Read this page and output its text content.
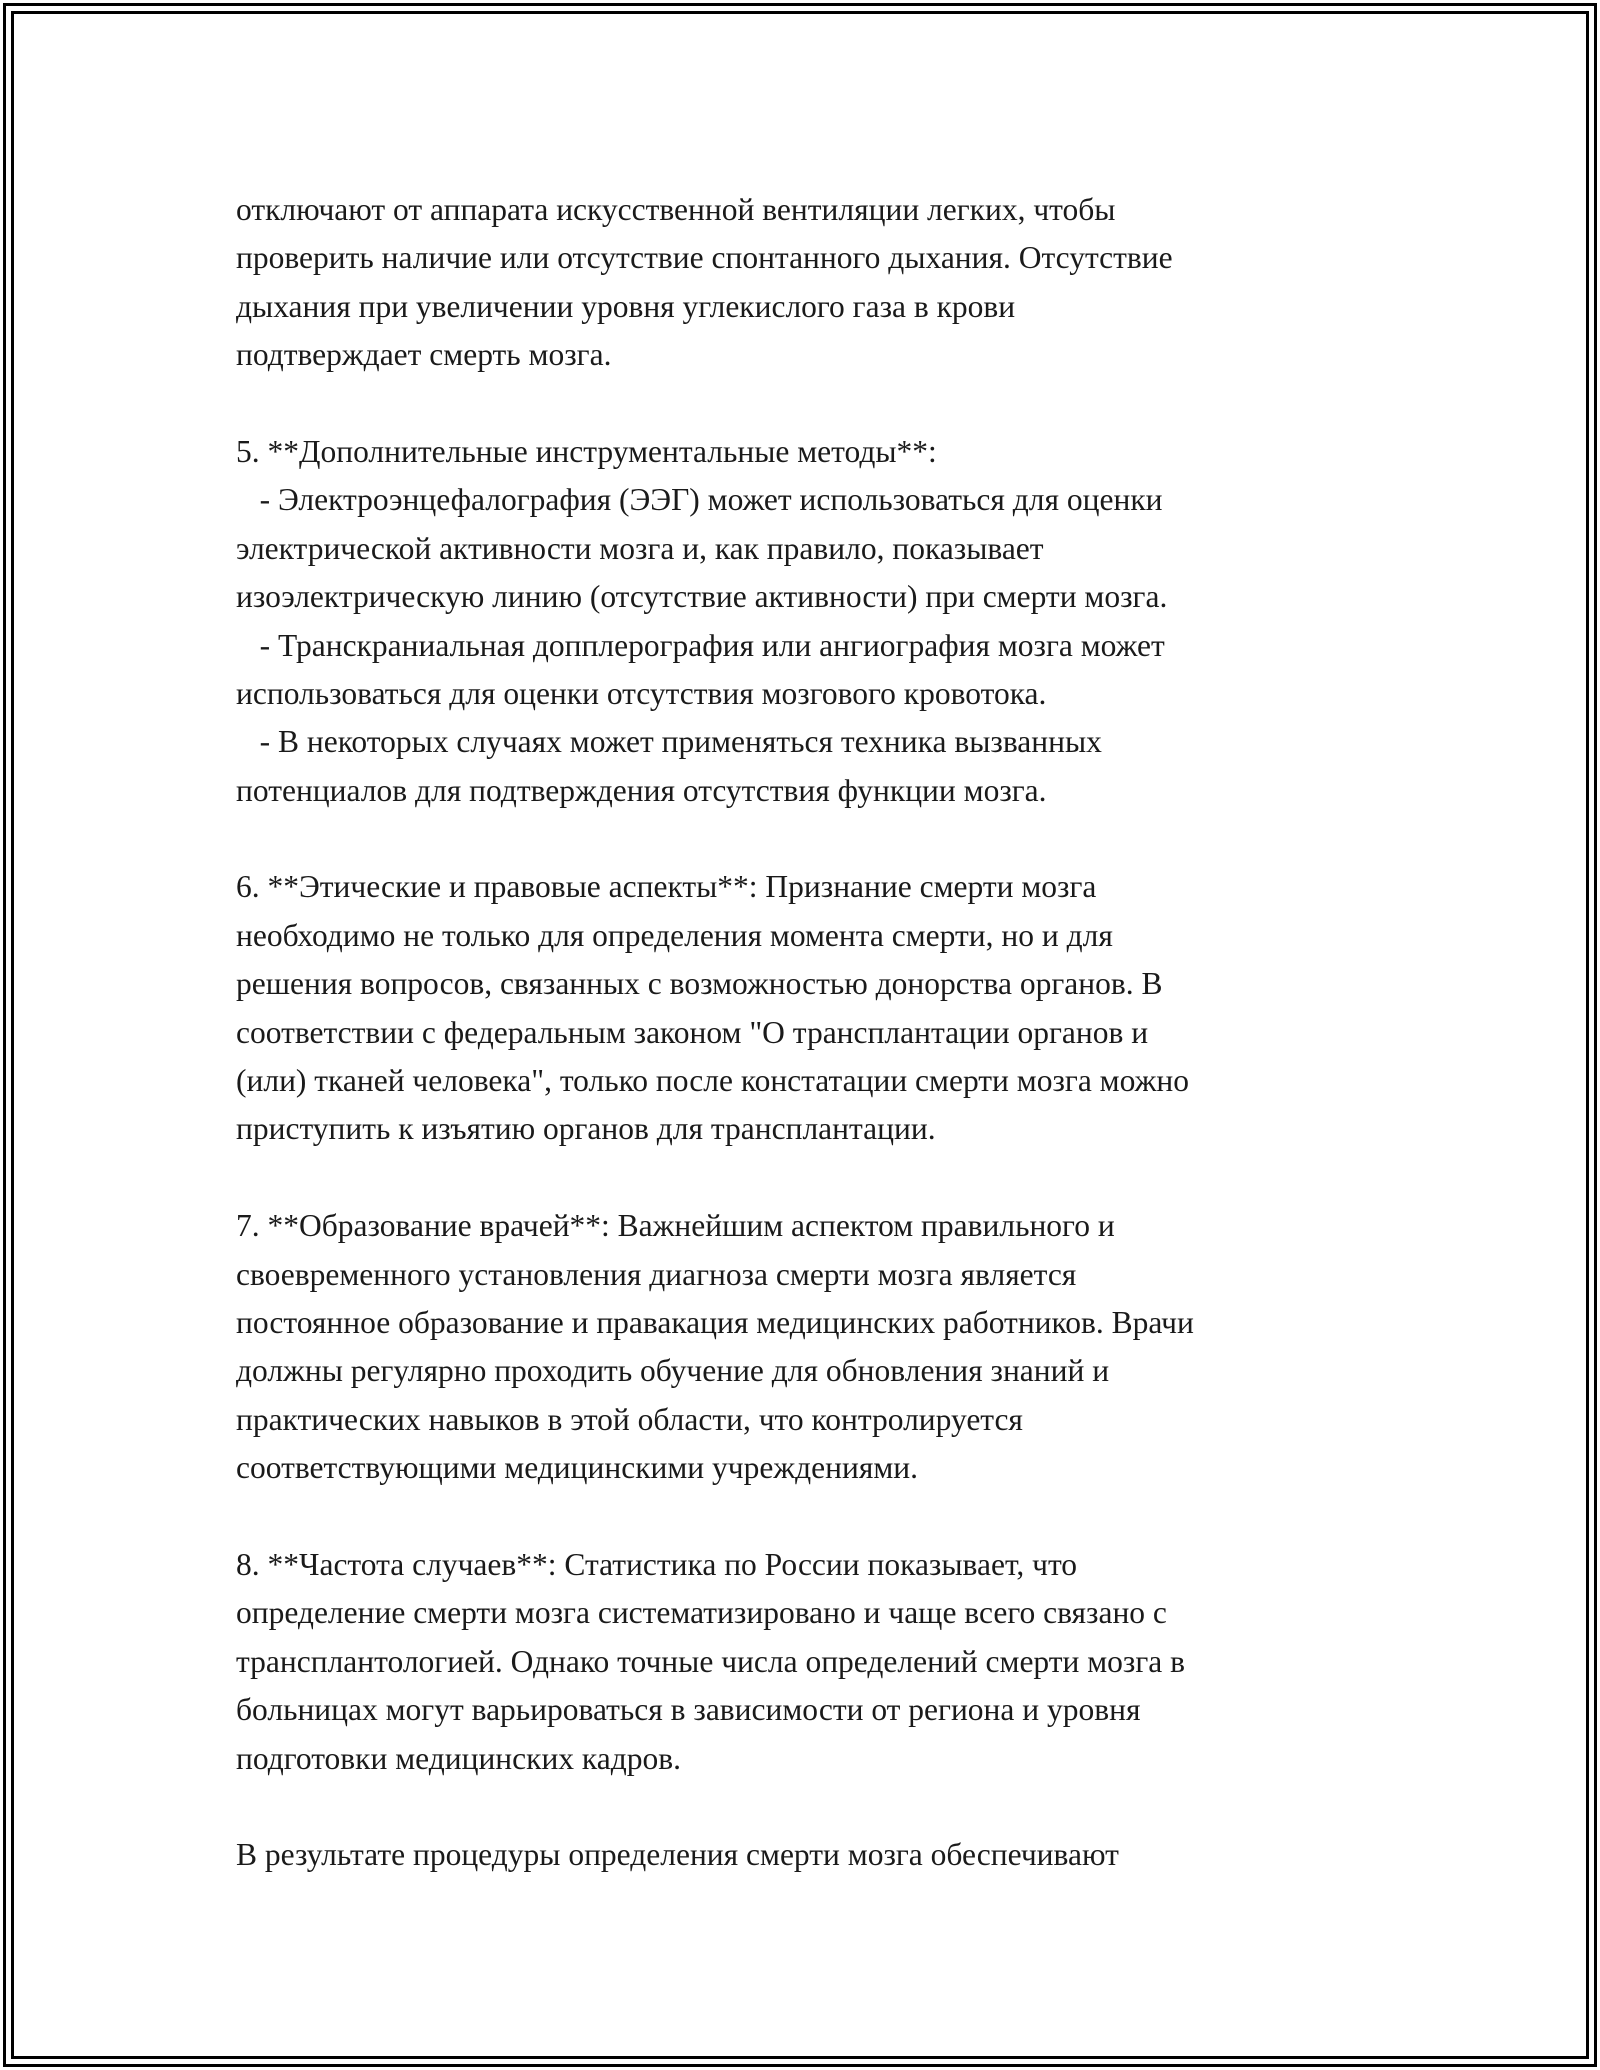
отключают от аппарата искусственной вентиляции легких, чтобы
проверить наличие или отсутствие спонтанного дыхания. Отсутствие
дыхания при увеличении уровня углекислого газа в крови
подтверждает смерть мозга.
5. **Дополнительные инструментальные методы**:
- Электроэнцефалография (ЭЭГ) может использоваться для оценки
электрической активности мозга и, как правило, показывает
изоэлектрическую линию (отсутствие активности) при смерти мозга.
- Транскраниальная допплерография или ангиография мозга может
использоваться для оценки отсутствия мозгового кровотока.
- В некоторых случаях может применяться техника вызванных
потенциалов для подтверждения отсутствия функции мозга.
6. **Этические и правовые аспекты**: Признание смерти мозга
необходимо не только для определения момента смерти, но и для
решения вопросов, связанных с возможностью донорства органов. В
соответствии с федеральным законом "О трансплантации органов и
(или) тканей человека", только после констатации смерти мозга можно
приступить к изъятию органов для трансплантации.
7. **Образование врачей**: Важнейшим аспектом правильного и
своевременного установления диагноза смерти мозга является
постоянное образование и правакация медицинских работников. Врачи
должны регулярно проходить обучение для обновления знаний и
практических навыков в этой области, что контролируется
соответствующими медицинскими учреждениями.
8. **Частота случаев**: Статистика по России показывает, что
определение смерти мозга систематизировано и чаще всего связано с
трансплантологией. Однако точные числа определений смерти мозга в
больницах могут варьироваться в зависимости от региона и уровня
подготовки медицинских кадров.
В результате процедуры определения смерти мозга обеспечивают
